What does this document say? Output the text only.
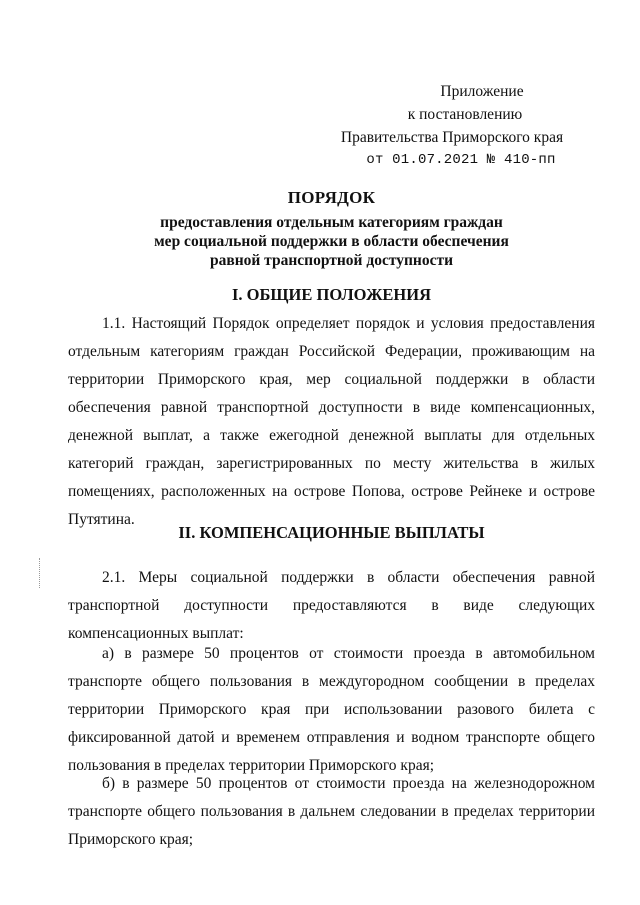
Приложение
к постановлению
Правительства Приморского края
от 01.07.2021 № 410-пп
ПОРЯДОК
предоставления отдельным категориям граждан
мер социальной поддержки в области обеспечения
равной транспортной доступности
I. ОБЩИЕ ПОЛОЖЕНИЯ
1.1. Настоящий Порядок определяет порядок и условия предоставления отдельным категориям граждан Российской Федерации, проживающим на территории Приморского края, мер социальной поддержки в области обеспечения равной транспортной доступности в виде компенсационных, денежной выплат, а также ежегодной денежной выплаты для отдельных категорий граждан, зарегистрированных по месту жительства в жилых помещениях, расположенных на острове Попова, острове Рейнеке и острове Путятина.
II. КОМПЕНСАЦИОННЫЕ ВЫПЛАТЫ
2.1. Меры социальной поддержки в области обеспечения равной транспортной доступности предоставляются в виде следующих компенсационных выплат:
а) в размере 50 процентов от стоимости проезда в автомобильном транспорте общего пользования в междугородном сообщении в пределах территории Приморского края при использовании разового билета с фиксированной датой и временем отправления и водном транспорте общего пользования в пределах территории Приморского края;
б) в размере 50 процентов от стоимости проезда на железнодорожном транспорте общего пользования в дальнем следовании в пределах территории Приморского края;
